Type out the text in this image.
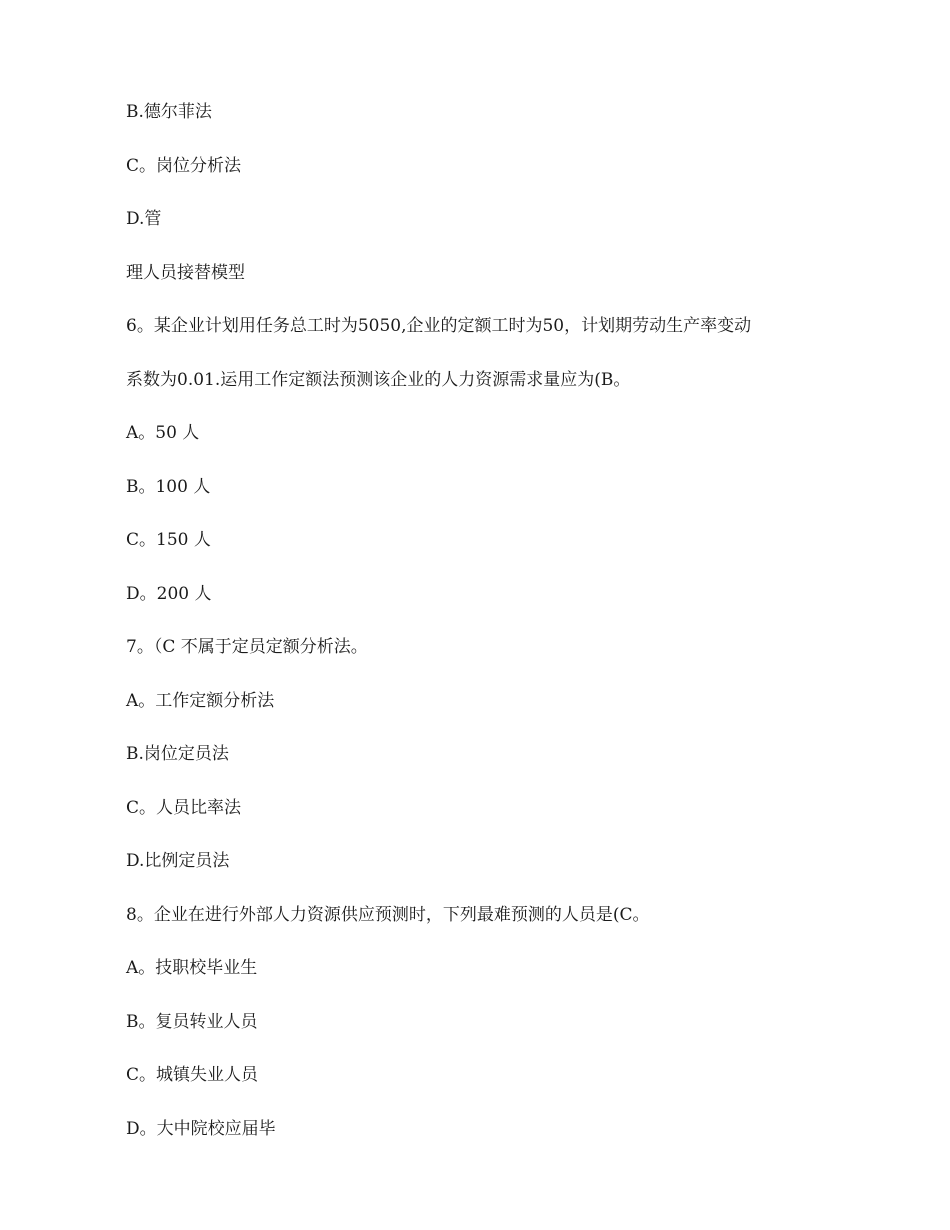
B.德尔菲法
C。岗位分析法
D.管
理人员接替模型
6。某企业计划用任务总工时为5050,企业的定额工时为50，计划期劳动生产率变动
系数为0.01.运用工作定额法预测该企业的人力资源需求量应为(B。
A。50 人
B。100 人
C。150 人
D。200 人
7。（C 不属于定员定额分析法。
A。工作定额分析法
B.岗位定员法
C。人员比率法
D.比例定员法
8。企业在进行外部人力资源供应预测时，下列最难预测的人员是(C。
A。技职校毕业生
B。复员转业人员
C。城镇失业人员
D。大中院校应届毕
